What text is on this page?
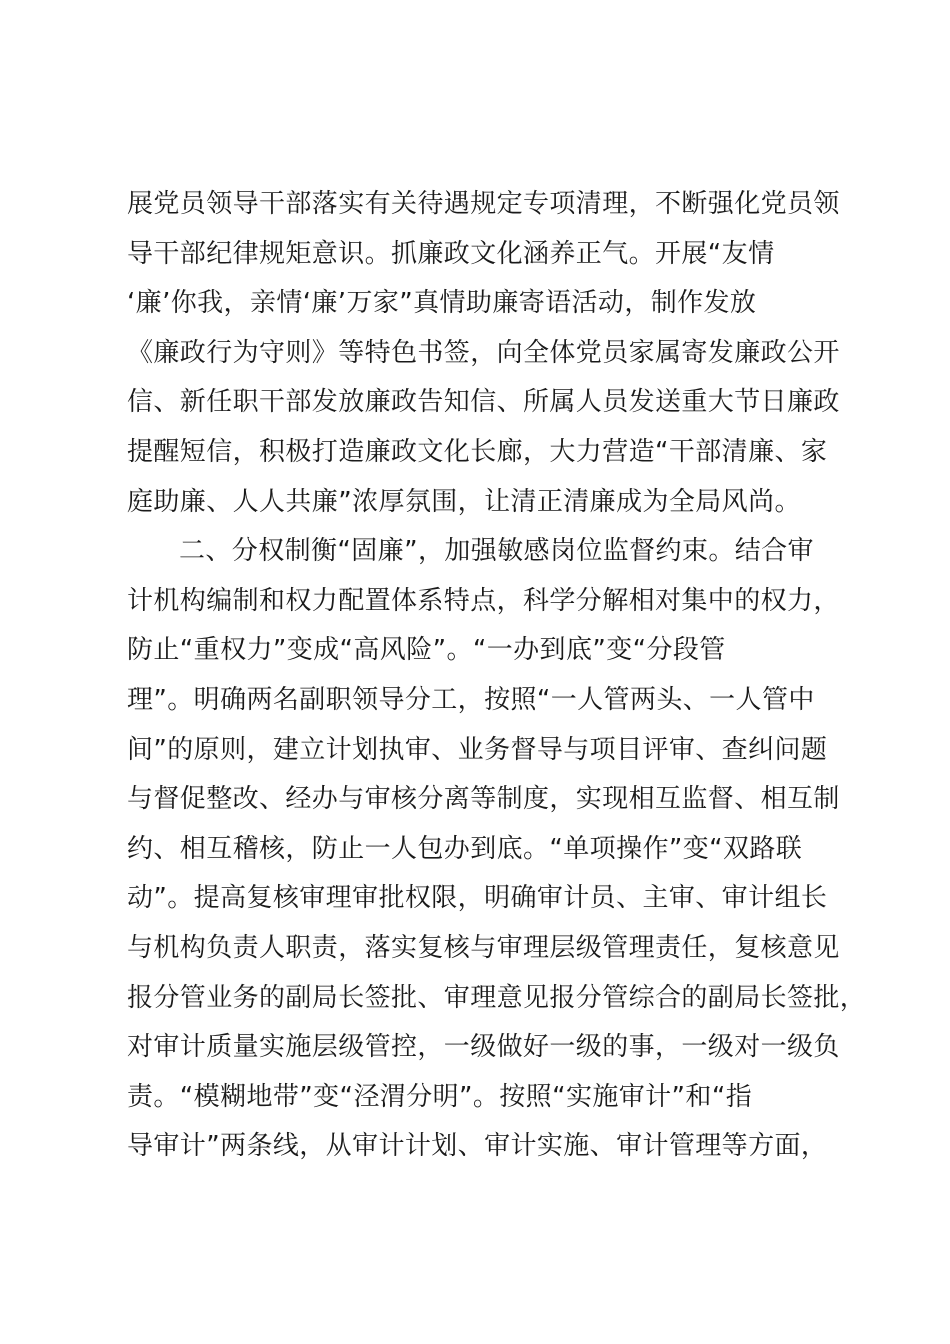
展党员领导干部落实有关待遇规定专项清理，不断强化党员领
导干部纪律规矩意识。抓廉政文化涵养正气。开展“友情
‘廉’你我，亲情‘廉’万家”真情助廉寄语活动，制作发放
《廉政行为守则》等特色书签，向全体党员家属寄发廉政公开
信、新任职干部发放廉政告知信、所属人员发送重大节日廉政
提醒短信，积极打造廉政文化长廊，大力营造“干部清廉、家
庭助廉、人人共廉”浓厚氛围，让清正清廉成为全局风尚。
二、分权制衡“固廉”，加强敏感岗位监督约束。结合审
计机构编制和权力配置体系特点，科学分解相对集中的权力，
防止“重权力”变成“高风险”。“一办到底”变“分段管
理”。明确两名副职领导分工，按照“一人管两头、一人管中
间”的原则，建立计划执审、业务督导与项目评审、查纠问题
与督促整改、经办与审核分离等制度，实现相互监督、相互制
约、相互稽核，防止一人包办到底。“单项操作”变“双路联
动”。提高复核审理审批权限，明确审计员、主审、审计组长
与机构负责人职责，落实复核与审理层级管理责任，复核意见
报分管业务的副局长签批、审理意见报分管综合的副局长签批，
对审计质量实施层级管控，一级做好一级的事，一级对一级负
责。“模糊地带”变“泾渭分明”。按照“实施审计”和“指
导审计”两条线，从审计计划、审计实施、审计管理等方面，
